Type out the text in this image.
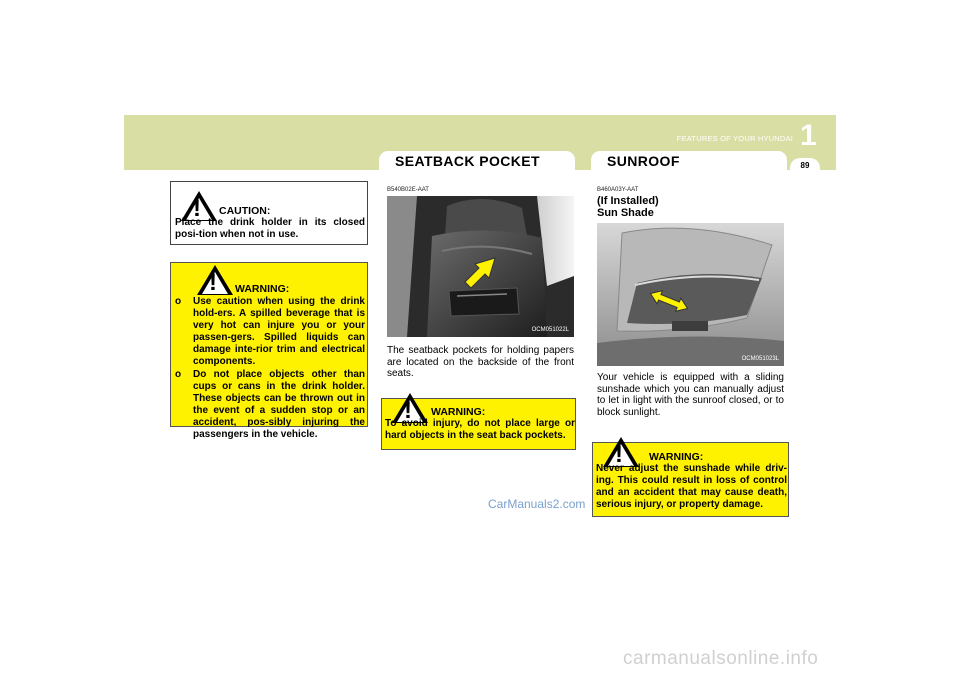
1
FEATURES OF YOUR HYUNDAI
89
SEATBACK POCKET	SUNROOF
! CAUTION:
Place the drink holder in its closed posi-tion when not in use.
! WARNING:
o Use caution when using the drink hold-ers. A spilled beverage that is very hot can injure you or your passen-gers. Spilled liquids can damage inte-rior trim and electrical components.
o Do not place objects other than cups or cans in the drink holder. These objects can be thrown out in the event of a sudden stop or an accident, pos-sibly injuring the passengers in the vehicle.
B540B02E-AAT
OCM051022L
The seatback pockets for holding papers are located on the backside of the front seats.
! WARNING:
To avoid injury, do not place large or hard objects in the seat back pockets.
CarManuals2.com
B460A03Y-AAT
(If Installed)
Sun Shade
OCM051023L
Your vehicle is equipped with a sliding sunshade which you can manually adjust to let in light with the sunroof closed, or to block sunlight.
! WARNING:
Never adjust the sunshade while driv-ing. This could result in loss of control and an accident that may cause death, serious injury, or property damage.
carmanualsonline.info
